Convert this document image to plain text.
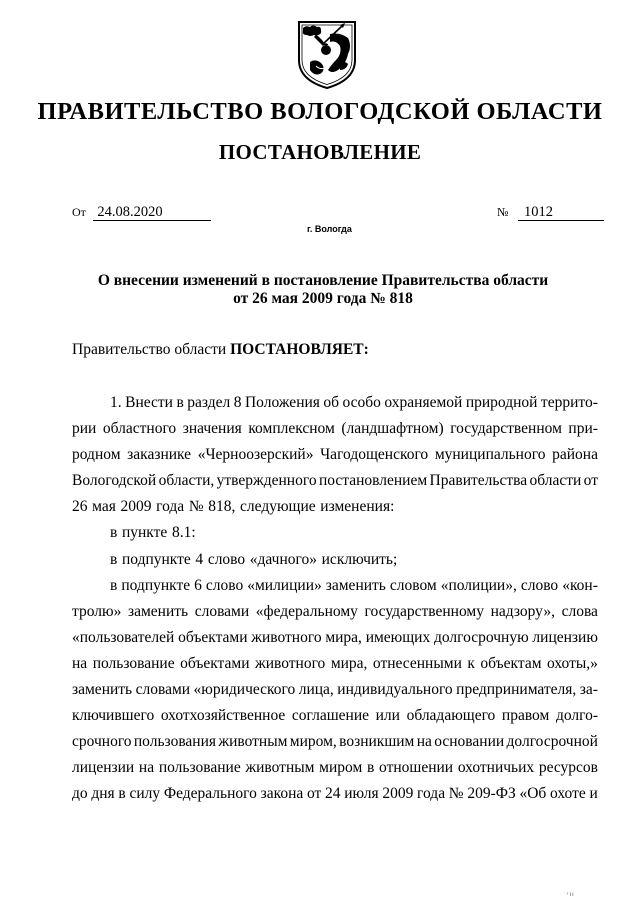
ПРАВИТЕЛЬСТВО ВОЛОГОДСКОЙ ОБЛАСТИ
ПОСТАНОВЛЕНИЕ
От 24.08.2020	№ 1012
г. Вологда
О внесении изменений в постановление Правительства области
от 26 мая 2009 года № 818
Правительство области ПОСТАНОВЛЯЕТ:
1. Внести в раздел 8 Положения об особо охраняемой природной террито-
рии областного значения комплексном (ландшафтном) государственном при-
родном заказнике «Черноозерский» Чагодощенского муниципального района
Вологодской области, утвержденного постановлением Правительства области от
26 мая 2009 года № 818, следующие изменения:
в пункте 8.1:
в подпункте 4 слово «дачного» исключить;
в подпункте 6 слово «милиции» заменить словом «полиции», слово «кон-
тролю» заменить словами «федеральному государственному надзору», слова
«пользователей объектами животного мира, имеющих долгосрочную лицензию
на пользование объектами животного мира, отнесенными к объектам охоты,»
заменить словами «юридического лица, индивидуального предпринимателя, за-
ключившего охотхозяйственное соглашение или обладающего правом долго-
срочного пользования животным миром, возникшим на основании долгосрочной
лицензии на пользование животным миром в отношении охотничьих ресурсов
до дня в силу Федерального закона от 24 июля 2009 года № 209-ФЗ «Об охоте и
ווי
